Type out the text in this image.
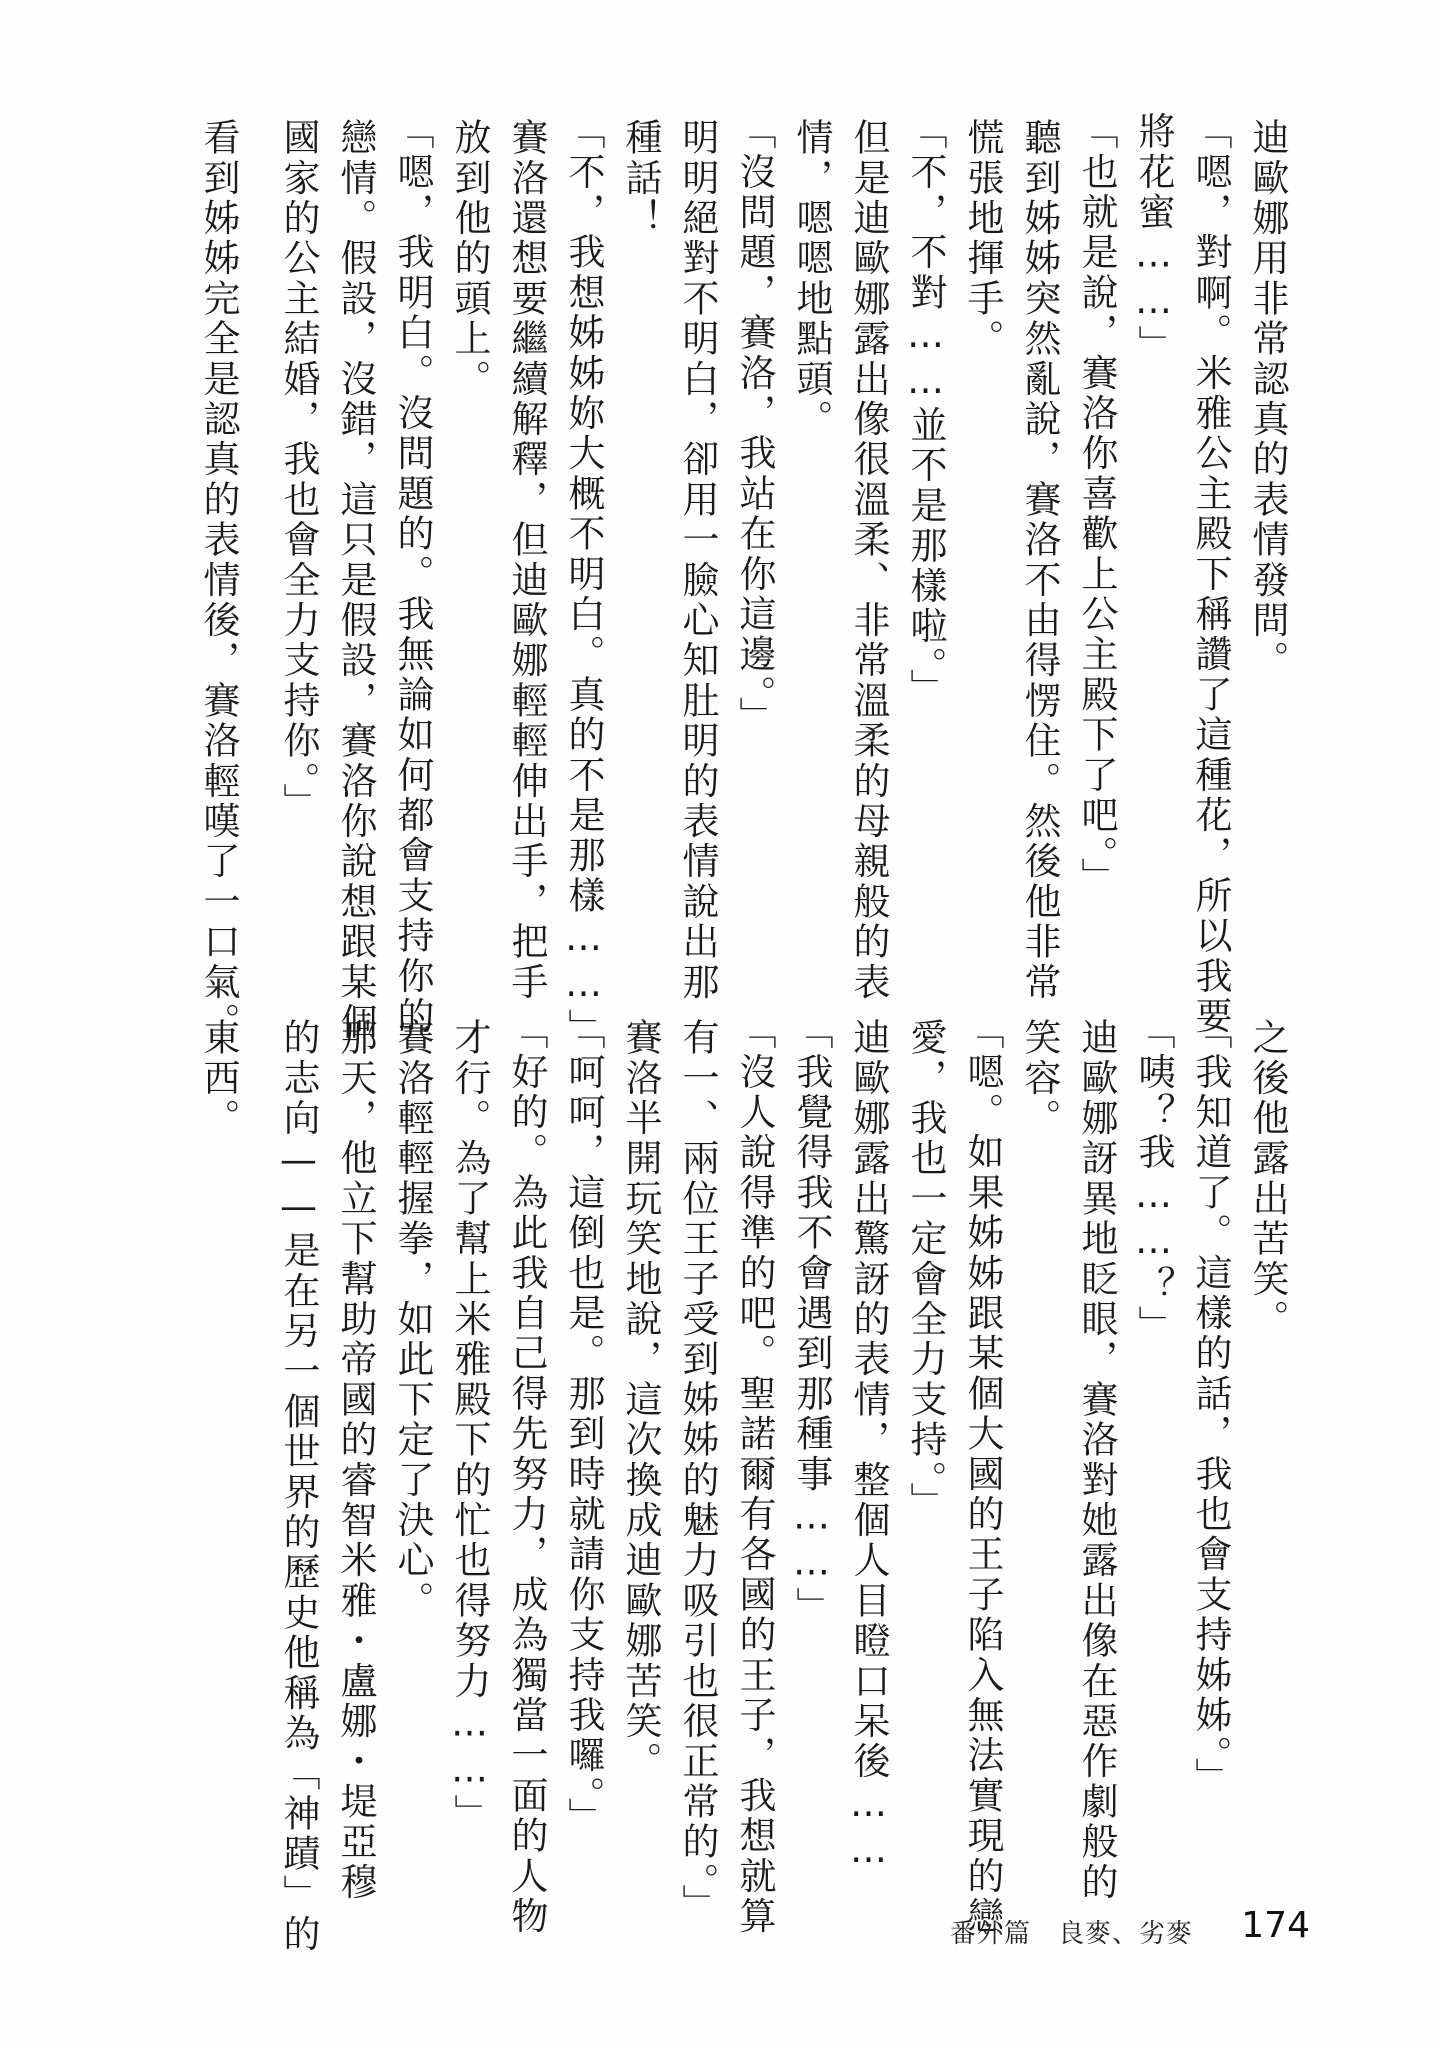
迪歐娜用非常認真的表情發問。
「嗯，對啊。米雅公主殿下稱讚了這種花，所以我要
將花蜜……」
「也就是說，賽洛你喜歡上公主殿下了吧。」
聽到姊姊突然亂說，賽洛不由得愣住。然後他非常
慌張地揮手。
「不，不對……並不是那樣啦。」
但是迪歐娜露出像很溫柔、非常溫柔的母親般的表
情，嗯嗯地點頭。
「沒問題，賽洛，我站在你這邊。」
明明絕對不明白，卻用一臉心知肚明的表情說出那
種話！
「不，我想姊姊妳大概不明白。真的不是那樣……」
賽洛還想要繼續解釋，但迪歐娜輕輕伸出手，把手
放到他的頭上。
「嗯，我明白。沒問題的。我無論如何都會支持你的
戀情。假設，沒錯，這只是假設，賽洛你說想跟某個
國家的公主結婚，我也會全力支持你。」
看到姊姊完全是認真的表情後，賽洛輕嘆了一口氣。
之後他露出苦笑。
「我知道了。這樣的話，我也會支持姊姊。」
「咦？我……？」
迪歐娜訝異地眨眼，賽洛對她露出像在惡作劇般的
笑容。
「嗯。如果姊姊跟某個大國的王子陷入無法實現的戀
愛，我也一定會全力支持。」
迪歐娜露出驚訝的表情，整個人目瞪口呆後……
「我覺得我不會遇到那種事……」
「沒人說得準的吧。聖諾爾有各國的王子，我想就算
有一、兩位王子受到姊姊的魅力吸引也很正常的。」
賽洛半開玩笑地說，這次換成迪歐娜苦笑。
「呵呵，這倒也是。那到時就請你支持我囉。」
「好的。為此我自己得先努力，成為獨當一面的人物
才行。為了幫上米雅殿下的忙也得努力……」
賽洛輕輕握拳，如此下定了決心。
那天，他立下幫助帝國的睿智米雅・盧娜・堤亞穆
的志向——是在另一個世界的歷史他稱為「神蹟」的
東西。
番外篇　良麥、劣麥 174
